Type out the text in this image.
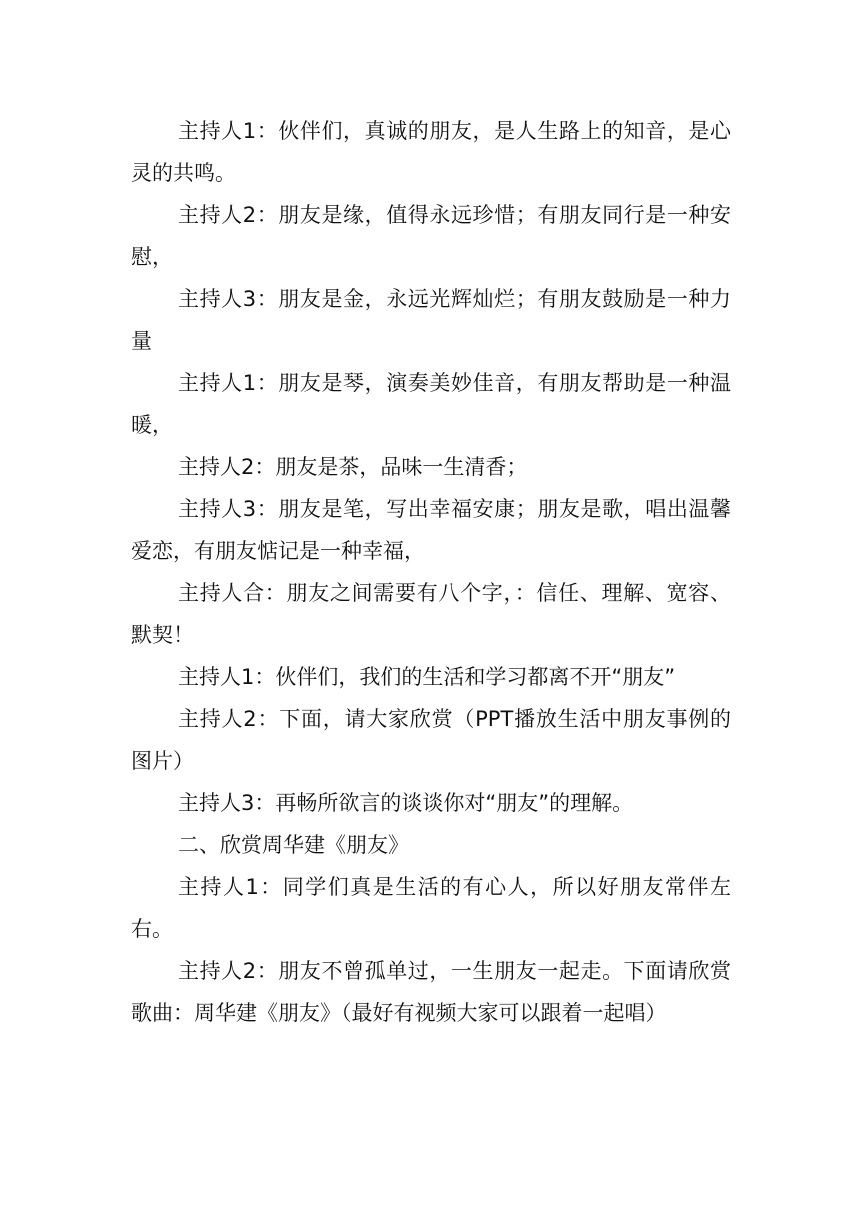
主持人1：伙伴们，真诚的朋友，是人生路上的知音，是心灵的共鸣。

主持人2：朋友是缘，值得永远珍惜；有朋友同行是一种安慰，

主持人3：朋友是金，永远光辉灿烂；有朋友鼓励是一种力量

主持人1：朋友是琴，演奏美妙佳音，有朋友帮助是一种温暖，

主持人2：朋友是茶，品味一生清香；

主持人3：朋友是笔，写出幸福安康；朋友是歌，唱出温馨爱恋，有朋友惦记是一种幸福，

主持人合：朋友之间需要有八个字，：信任、理解、宽容、默契！

主持人1：伙伴们，我们的生活和学习都离不开“朋友”

主持人2：下面，请大家欣赏（PPT播放生活中朋友事例的图片）

主持人3：再畅所欲言的谈谈你对“朋友”的理解。

二、欣赏周华建《朋友》

主持人1：同学们真是生活的有心人，所以好朋友常伴左右。

主持人2：朋友不曾孤单过，一生朋友一起走。下面请欣赏歌曲：周华建《朋友》（最好有视频大家可以跟着一起唱）
